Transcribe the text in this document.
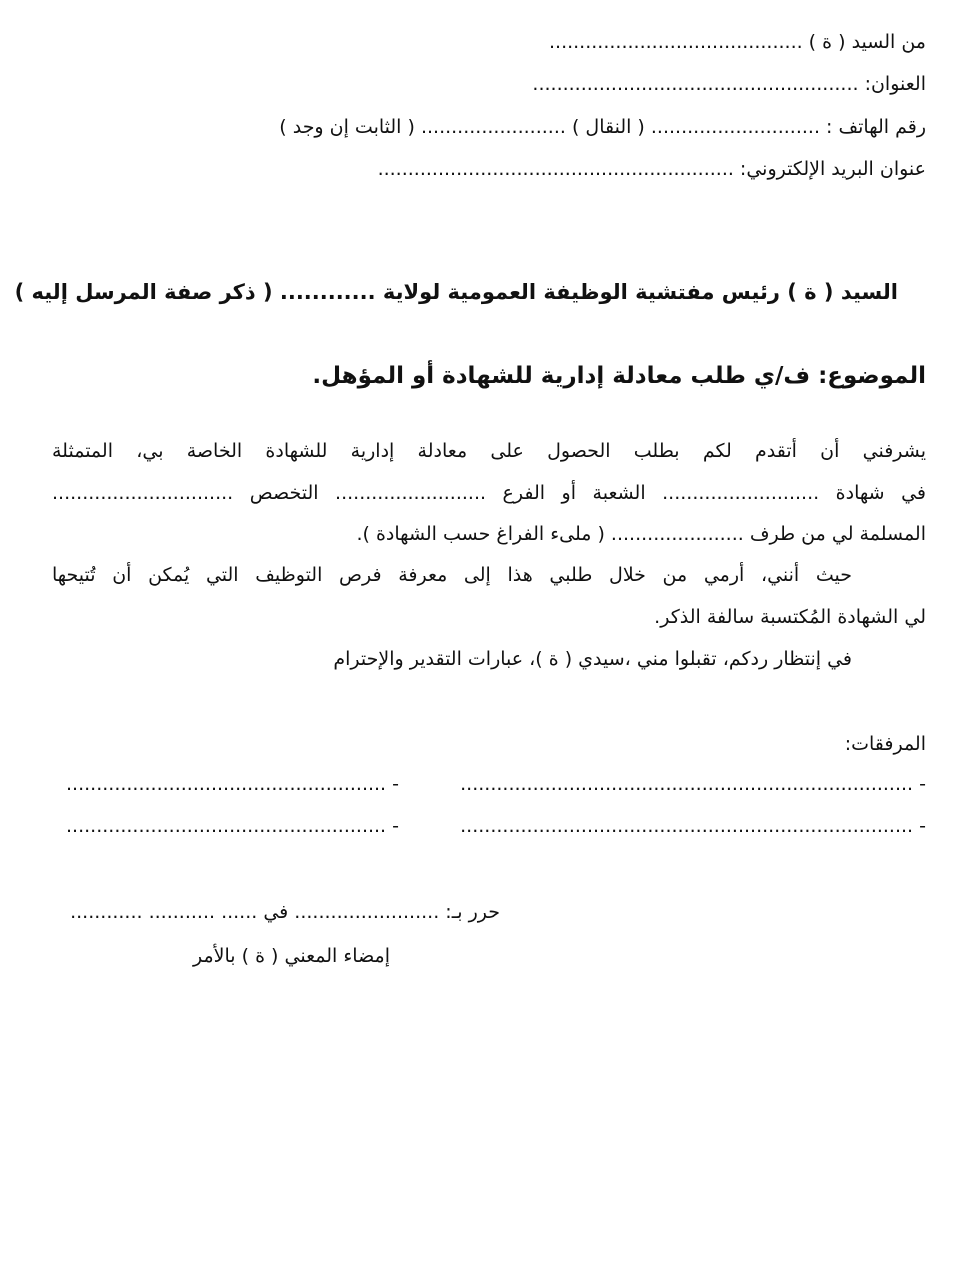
من السيد ( ة ) ..........................................
العنوان: ......................................................
رقم الهاتف : ............................ ( النقال ) ........................ ( الثابت إن وجد )
عنوان البريد الإلكتروني: ...........................................................
السيد ( ة ) رئيس مفتشية الوظيفة العمومية لولاية ............ ( ذكر صفة المرسل إليه )
الموضوع: ف/ي طلب معادلة إدارية للشهادة أو المؤهل.
يشرفني أن أتقدم لكم بطلب الحصول على معادلة إدارية للشهادة الخاصة بي، المتمثلة
في شهادة .......................... الشعبة أو الفرع ......................... التخصص ..............................
المسلمة لي من طرف ...................... ( ملىء الفراغ حسب الشهادة ).
حيث أنني، أرمي من خلال طلبي هذا إلى معرفة فرص التوظيف التي يُمكن أن تُتيحها
لي الشهادة المُكتسبة سالفة الذكر.
في إنتظار ردكم، تقبلوا مني ،سيدي ( ة )، عبارات التقدير والإحترام
المرفقات:
- ...........................................................................
- .....................................................
- ...........................................................................
- .....................................................
حرر بـ: ........................ في ...... ........... ............
إمضاء المعني ( ة ) بالأمر
